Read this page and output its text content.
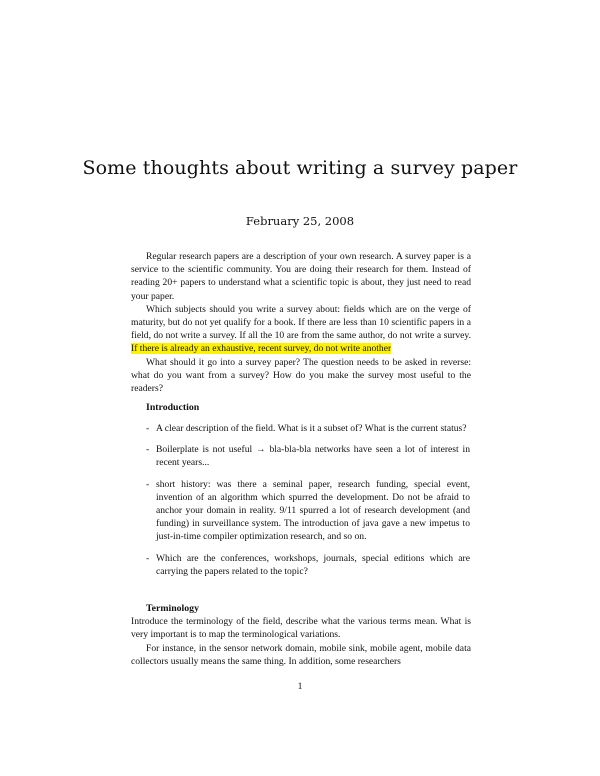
Some thoughts about writing a survey paper
February 25, 2008

Regular research papers are a description of your own research. A survey paper is a service to the scientific community. You are doing their research for them. Instead of reading 20+ papers to understand what a scientific topic is about, they just need to read your paper.

Which subjects should you write a survey about: fields which are on the verge of maturity, but do not yet qualify for a book. If there are less than 10 scientific papers in a field, do not write a survey. If all the 10 are from the same author, do not write a survey. If there is already an exhaustive, recent survey, do not write another

What should it go into a survey paper? The question needs to be asked in reverse: what do you want from a survey? How do you make the survey most useful to the readers?

Introduction
- A clear description of the field. What is it a subset of? What is the current status?
- Boilerplate is not useful → bla-bla-bla networks have seen a lot of interest in recent years...
- short history: was there a seminal paper, research funding, special event, invention of an algorithm which spurred the development. Do not be afraid to anchor your domain in reality. 9/11 spurred a lot of research development (and funding) in surveillance system. The introduction of java gave a new impetus to just-in-time compiler optimization research, and so on.
- Which are the conferences, workshops, journals, special editions which are carrying the papers related to the topic?
Terminology

Introduce the terminology of the field, describe what the various terms mean. What is very important is to map the terminological variations.

For instance, in the sensor network domain, mobile sink, mobile agent, mobile data collectors usually means the same thing. In addition, some researchers

1
